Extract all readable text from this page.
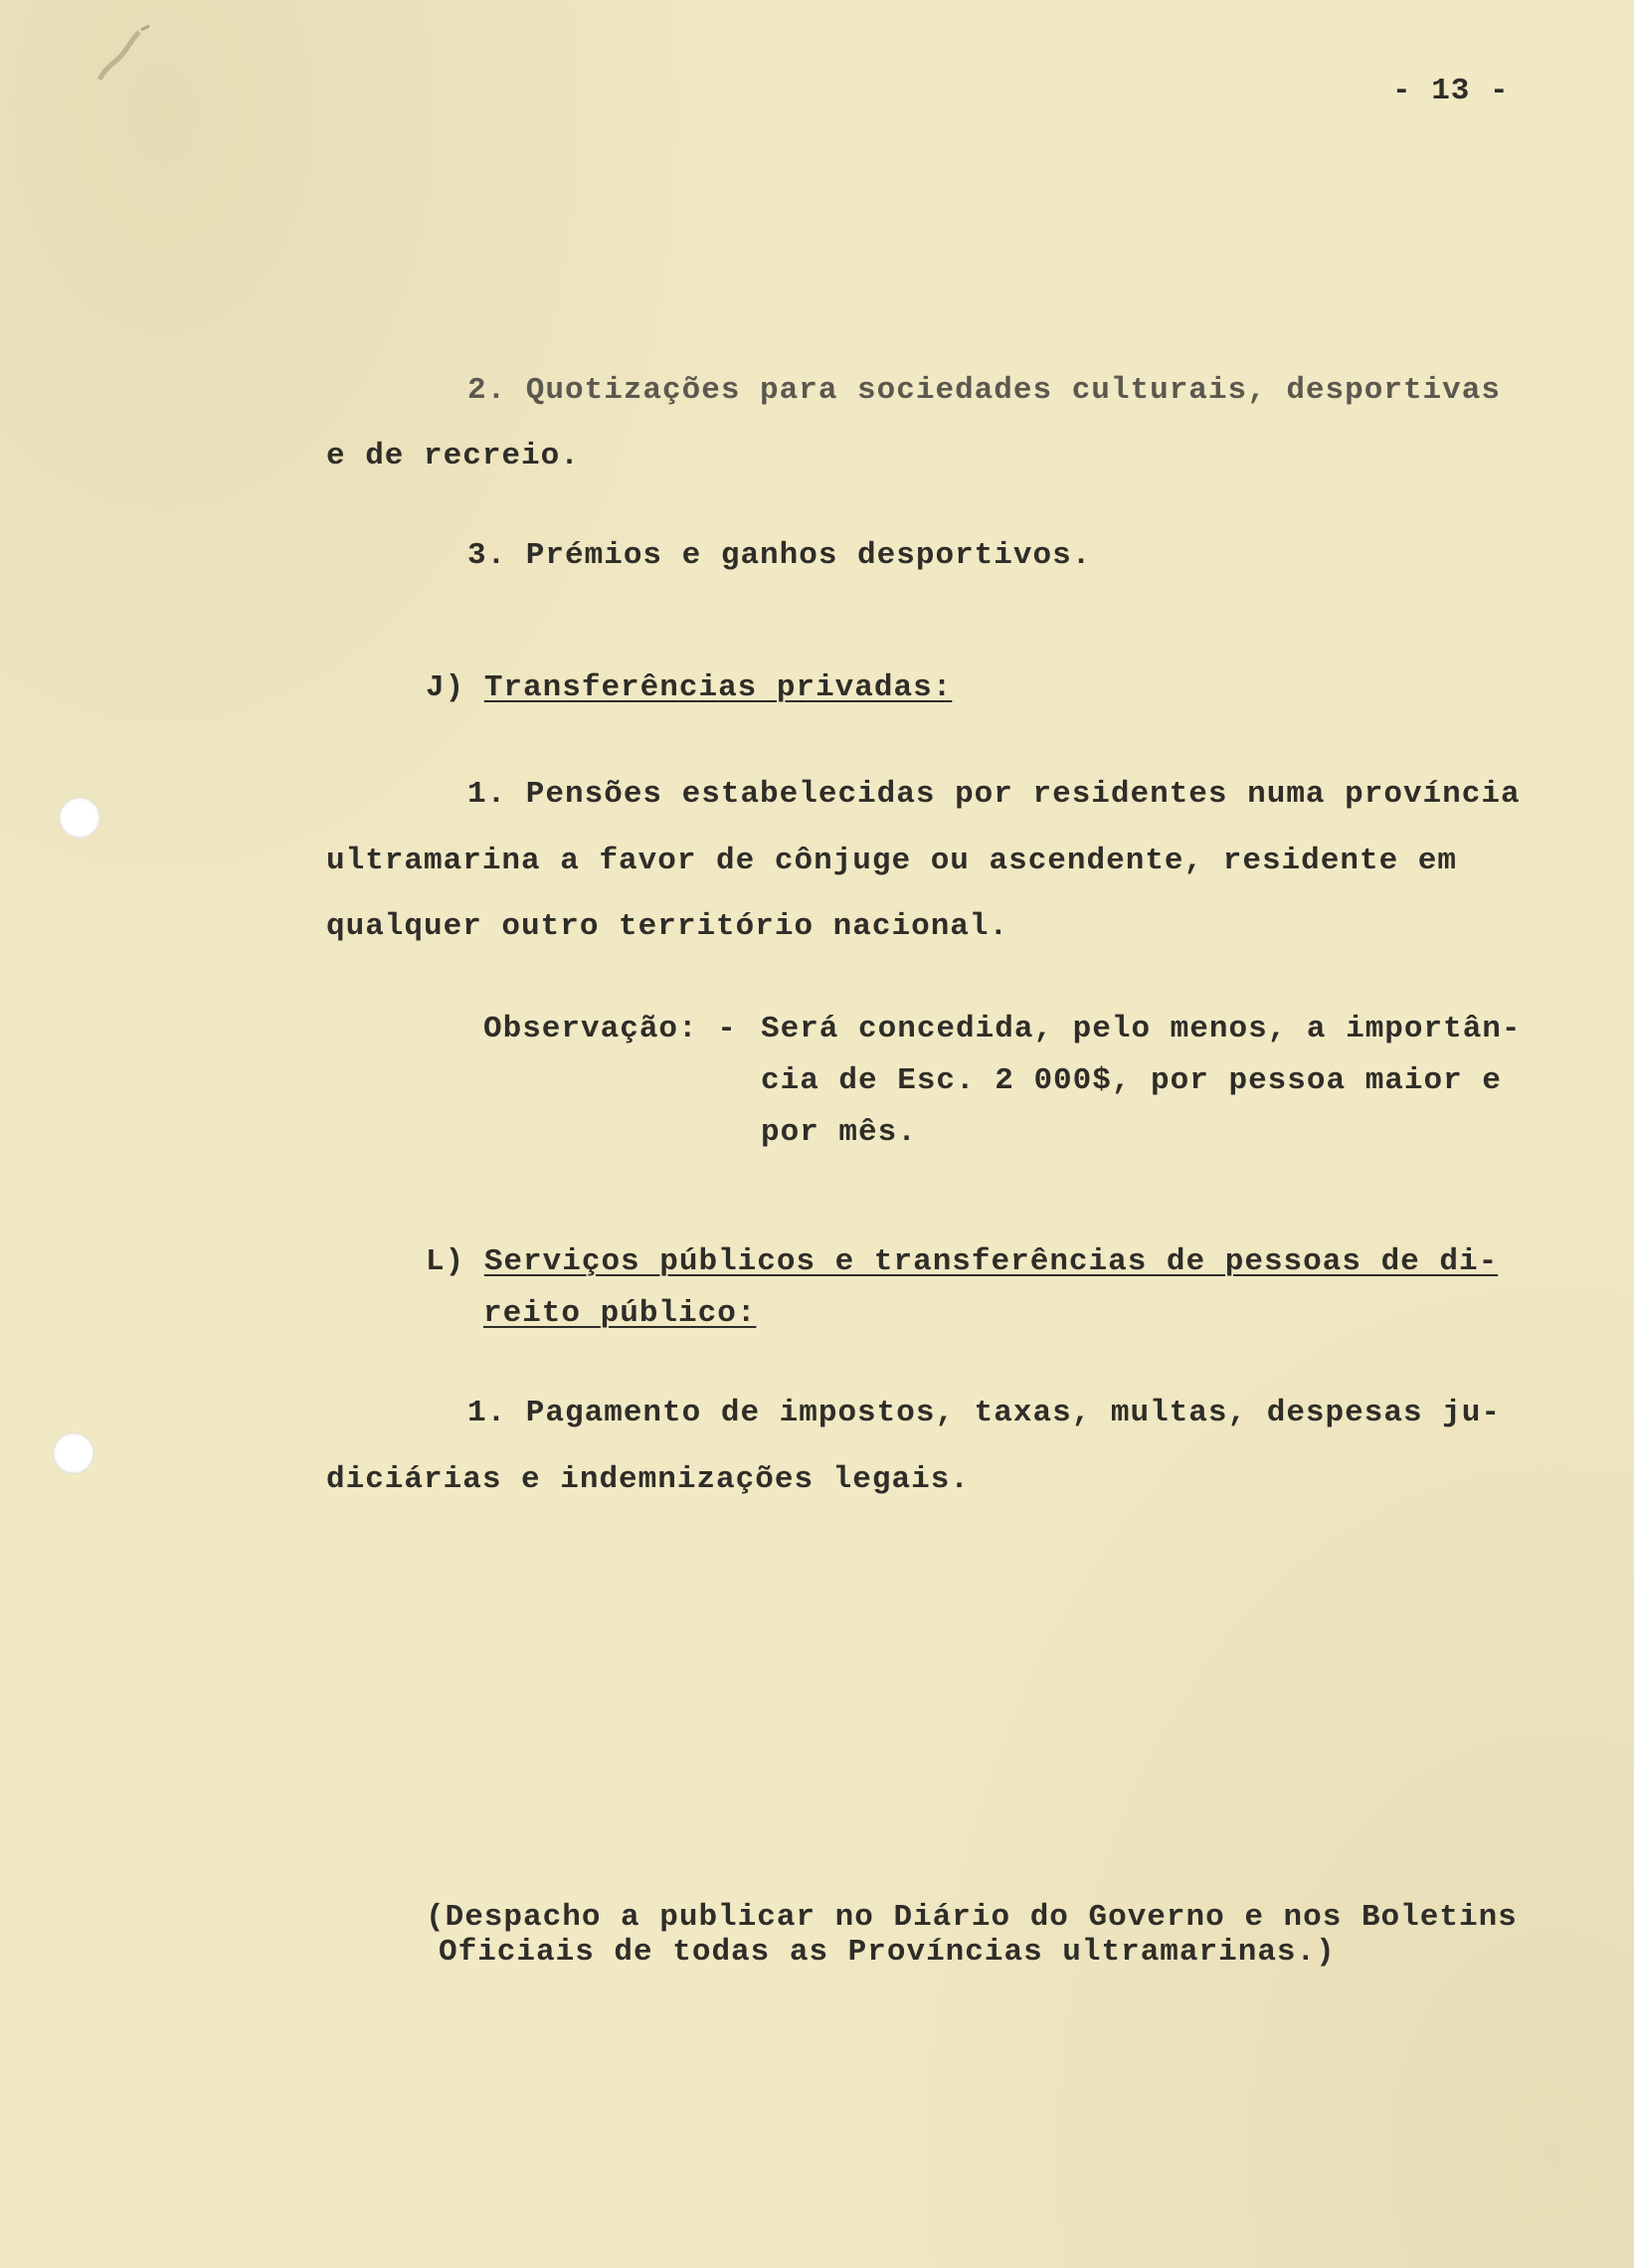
- 13 -
2. Quotizações para sociedades culturais, desportivas
e de recreio.
3. Prémios e ganhos desportivos.
J) Transferências privadas:
1. Pensões estabelecidas por residentes numa província
ultramarina a favor de cônjuge ou ascendente, residente em
qualquer outro território nacional.
Observação: - Será concedida, pelo menos, a importân-
cia de Esc. 2 000$, por pessoa maior e
por mês.
L) Serviços públicos e transferências de pessoas de di-
reito público:
1. Pagamento de impostos, taxas, multas, despesas ju-
diciárias e indemnizações legais.
(Despacho a publicar no Diário do Governo e nos Boletins
Oficiais de todas as Províncias ultramarinas.)
